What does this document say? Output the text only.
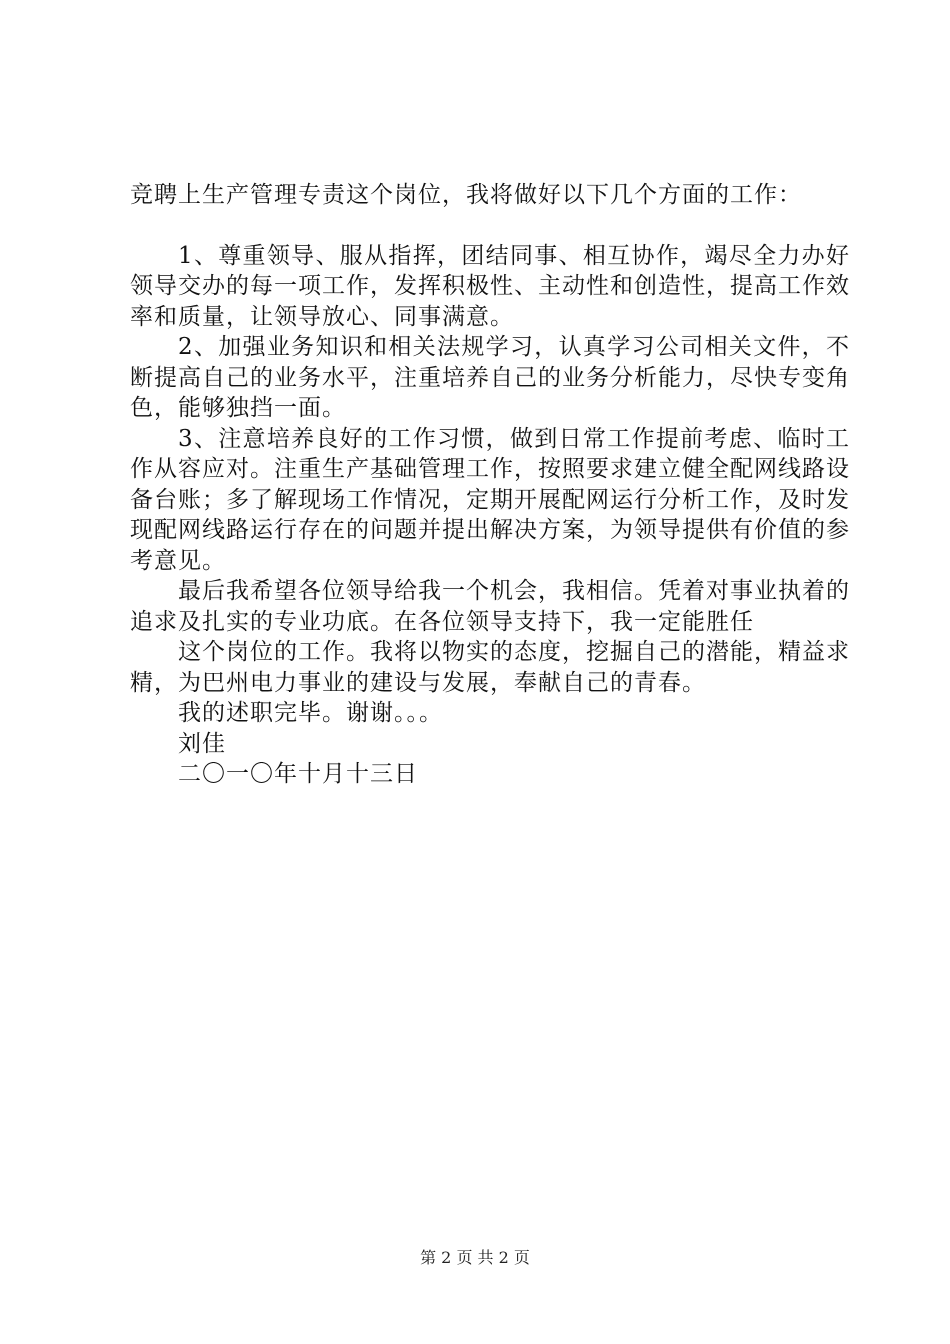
竞聘上生产管理专责这个岗位，我将做好以下几个方面的工作：

1、尊重领导、服从指挥，团结同事、相互协作，竭尽全力办好领导交办的每一项工作，发挥积极性、主动性和创造性，提高工作效率和质量，让领导放心、同事满意。

2、加强业务知识和相关法规学习，认真学习公司相关文件，不断提高自己的业务水平，注重培养自己的业务分析能力，尽快专变角色，能够独挡一面。

3、注意培养良好的工作习惯，做到日常工作提前考虑、临时工作从容应对。注重生产基础管理工作，按照要求建立健全配网线路设备台账；多了解现场工作情况，定期开展配网运行分析工作，及时发现配网线路运行存在的问题并提出解决方案，为领导提供有价值的参考意见。

最后我希望各位领导给我一个机会，我相信。凭着对事业执着的追求及扎实的专业功底。在各位领导支持下，我一定能胜任

这个岗位的工作。我将以物实的态度，挖掘自己的潜能，精益求精，为巴州电力事业的建设与发展，奉献自己的青春。

我的述职完毕。谢谢。。。

刘佳

二〇一〇年十月十三日

第 2 页 共 2 页
